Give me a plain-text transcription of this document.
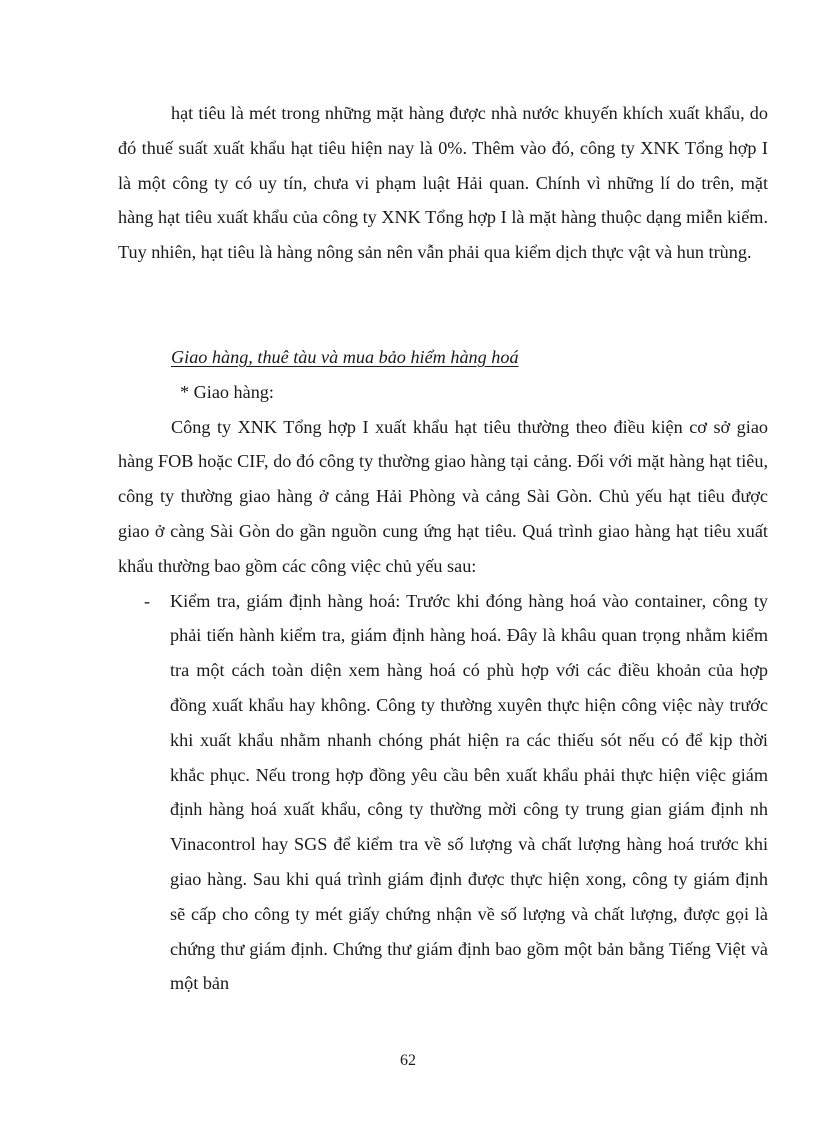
hạt tiêu là mét trong những mặt hàng được nhà nước khuyến khích xuất khẩu, do đó thuế suất xuất khẩu hạt tiêu hiện nay là 0%. Thêm vào đó, công ty XNK Tổng hợp I là một công ty có uy tín, chưa vi phạm luật Hải quan. Chính vì những lí do trên, mặt hàng hạt tiêu xuất khẩu của công ty XNK Tổng hợp I là mặt hàng thuộc dạng miễn kiểm. Tuy nhiên, hạt tiêu là hàng nông sản nên vẫn phải qua kiểm dịch thực vật và hun trùng.

Giao hàng, thuê tàu và mua bảo hiểm hàng hoá

* Giao hàng:

Công ty XNK Tổng hợp I xuất khẩu hạt tiêu thường theo điều kiện cơ sở giao hàng FOB hoặc CIF, do đó công ty thường giao hàng tại cảng. Đối với mặt hàng hạt tiêu, công ty thường giao hàng ở cảng Hải Phòng và cảng Sài Gòn. Chủ yếu hạt tiêu được giao ở càng Sài Gòn do gần nguồn cung ứng hạt tiêu. Quá trình giao hàng hạt tiêu xuất khẩu thường bao gồm các công việc chủ yếu sau:

- Kiểm tra, giám định hàng hoá: Trước khi đóng hàng hoá vào container, công ty phải tiến hành kiểm tra, giám định hàng hoá. Đây là khâu quan trọng nhằm kiểm tra một cách toàn diện xem hàng hoá có phù hợp với các điều khoản của hợp đồng xuất khẩu hay không. Công ty thường xuyên thực hiện công việc này trước khi xuất khẩu nhằm nhanh chóng phát hiện ra các thiếu sót nếu có để kịp thời khắc phục. Nếu trong hợp đồng yêu cầu bên xuất khẩu phải thực hiện việc giám định hàng hoá xuất khẩu, công ty thường mời công ty trung gian giám định nh Vinacontrol hay SGS để kiểm tra về số lượng và chất lượng hàng hoá trước khi giao hàng. Sau khi quá trình giám định được thực hiện xong, công ty giám định sẽ cấp cho công ty mét giấy chứng nhận về số lượng và chất lượng, được gọi là chứng thư giám định. Chứng thư giám định bao gồm một bản bằng Tiếng Việt và một bản
62
